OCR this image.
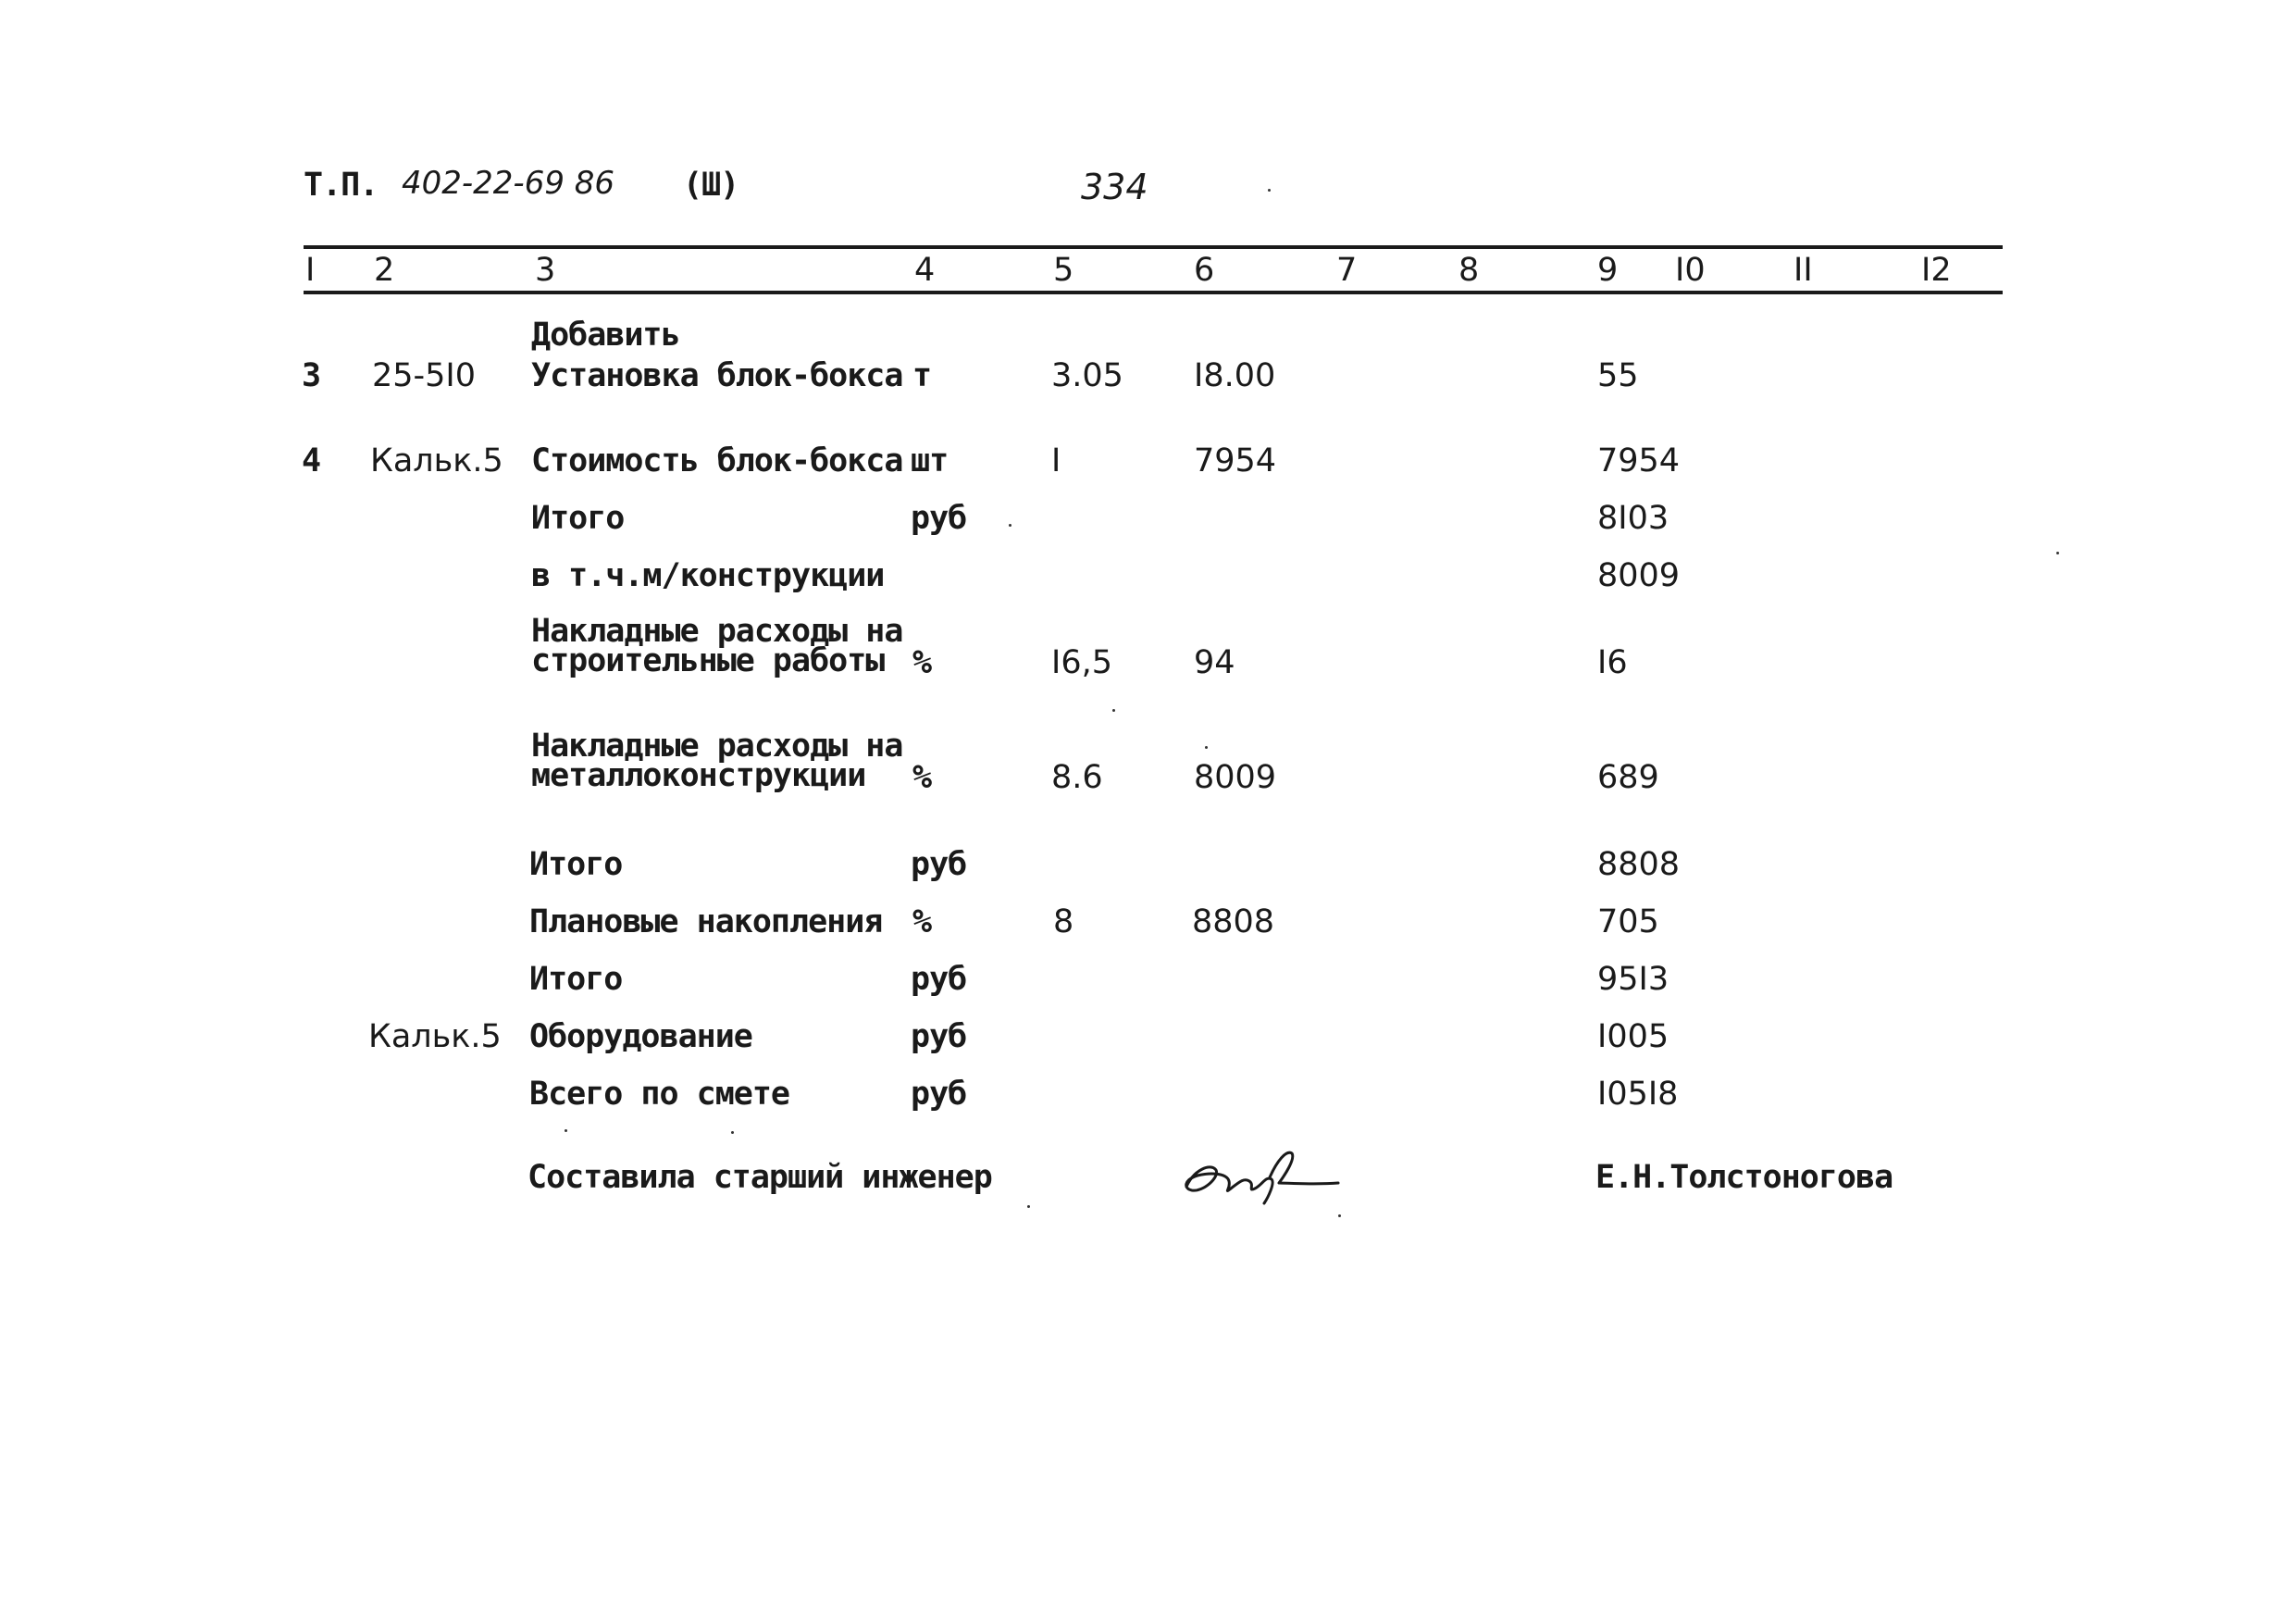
Т.П. 402-22-69 86 (Ш)	334
I 2	3	4	5	6	7	8	9 I0	II	I2
Добавить
3 25-5I0 Установка блок-бокса т	3.05 I8.00	55
4 Кальк.5 Стоимость блок-бокса шт	I	7954	7954
Итого	руб	8I03
в т.ч.м/конструкции	8009
Накладные расходы на
строительные работы %	I6,5	94	I6
Накладные расходы на
металлоконструкции	%	8.6	8009	689
Итого	руб	8808
Плановые накопления %	8	8808	705
Итого	руб	95I3
Кальк.5 Оборудование	руб	I005
Всего по смете	руб	I05I8
Составила старший инженер	Е.Н.Толстоногова
